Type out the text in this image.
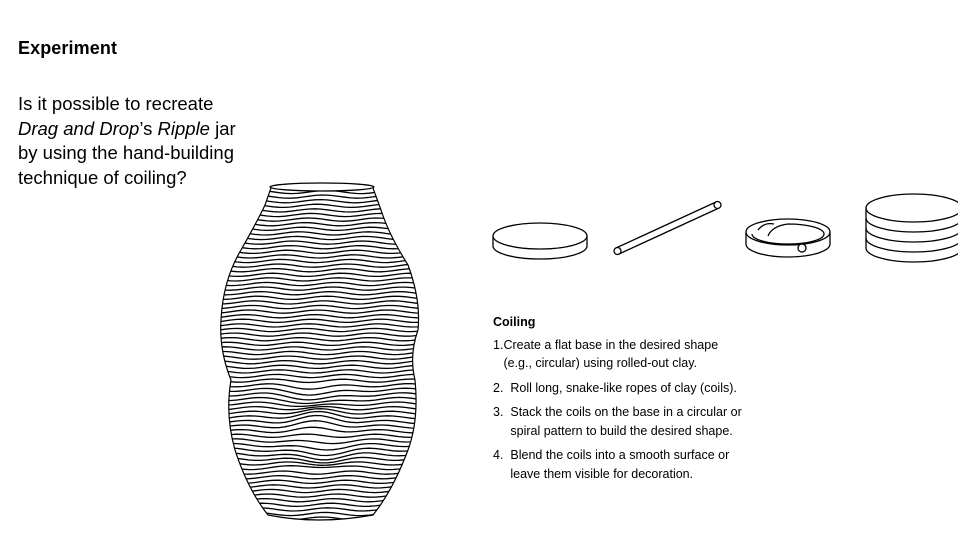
Experiment
Is it possible to recreate
Drag and Drop’s Ripple jar
by using the hand-building
technique of coiling?
Coiling
1. Create a flat base in the desired shape (e.g., circular) using rolled-out clay.
2. Roll long, snake-like ropes of clay (coils).
3. Stack the coils on the base in a circular or spiral pattern to build the desired shape.
4. Blend the coils into a smooth surface or leave them visible for decoration.
